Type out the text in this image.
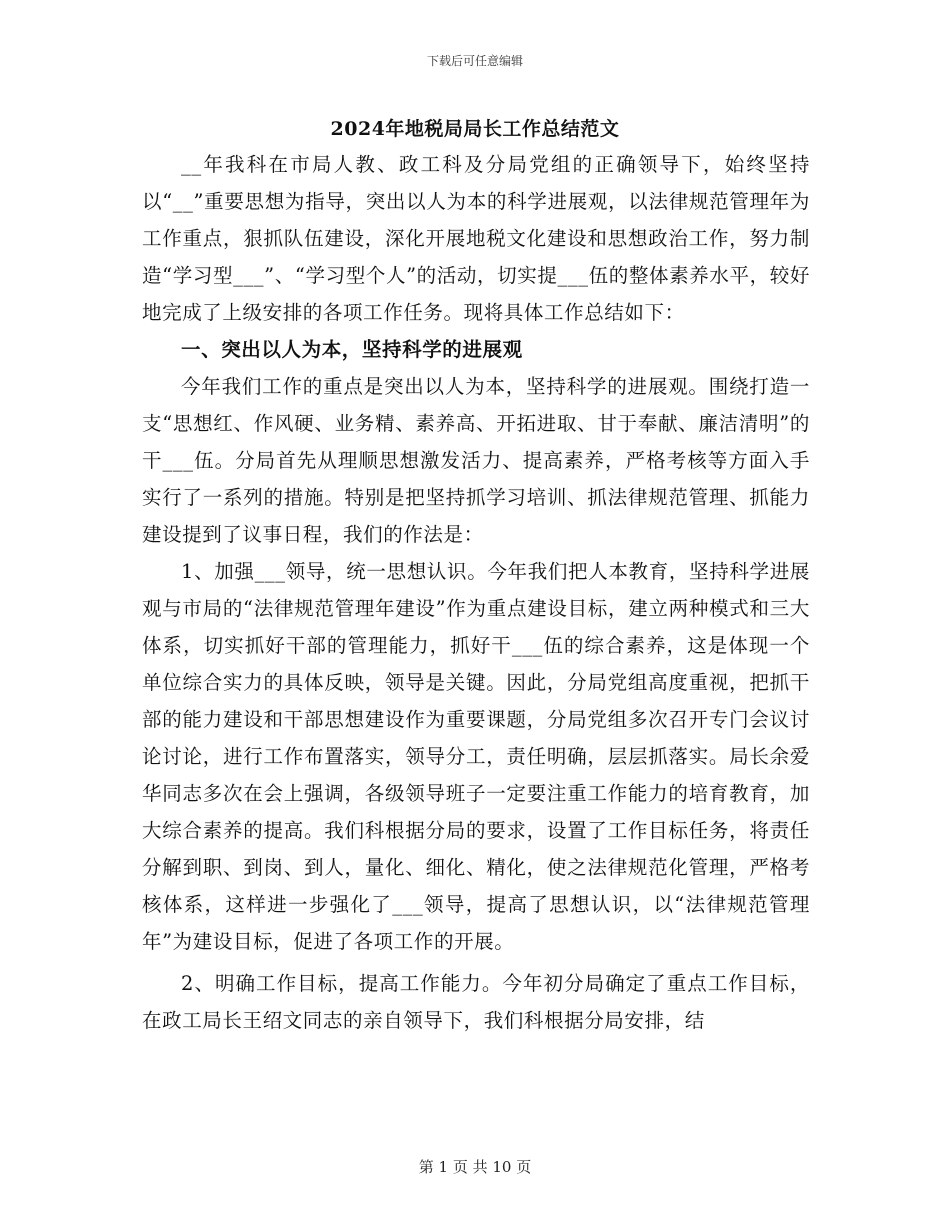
下载后可任意编辑
2024年地税局局长工作总结范文

__年我科在市局人教、政工科及分局党组的正确领导下，始终坚持以“__”重要思想为指导，突出以人为本的科学进展观，以法律规范管理年为工作重点，狠抓队伍建设，深化开展地税文化建设和思想政治工作，努力制造“学习型___”、“学习型个人”的活动，切实提___伍的整体素养水平，较好地完成了上级安排的各项工作任务。现将具体工作总结如下：

一、突出以人为本，坚持科学的进展观

今年我们工作的重点是突出以人为本，坚持科学的进展观。围绕打造一支“思想红、作风硬、业务精、素养高、开拓进取、甘于奉献、廉洁清明”的干___伍。分局首先从理顺思想激发活力、提高素养，严格考核等方面入手实行了一系列的措施。特别是把坚持抓学习培训、抓法律规范管理、抓能力建设提到了议事日程，我们的作法是：

1、加强___领导，统一思想认识。今年我们把人本教育，坚持科学进展观与市局的“法律规范管理年建设”作为重点建设目标，建立两种模式和三大体系，切实抓好干部的管理能力，抓好干___伍的综合素养，这是体现一个单位综合实力的具体反映，领导是关键。因此，分局党组高度重视，把抓干部的能力建设和干部思想建设作为重要课题，分局党组多次召开专门会议讨论讨论，进行工作布置落实，领导分工，责任明确，层层抓落实。局长余爱华同志多次在会上强调，各级领导班子一定要注重工作能力的培育教育，加大综合素养的提高。我们科根据分局的要求，设置了工作目标任务，将责任分解到职、到岗、到人，量化、细化、精化，使之法律规范化管理，严格考核体系，这样进一步强化了___领导，提高了思想认识，以“法律规范管理年”为建设目标，促进了各项工作的开展。

2、明确工作目标，提高工作能力。今年初分局确定了重点工作目标，在政工局长王绍文同志的亲自领导下，我们科根据分局安排，结

第 1 页 共 10 页
